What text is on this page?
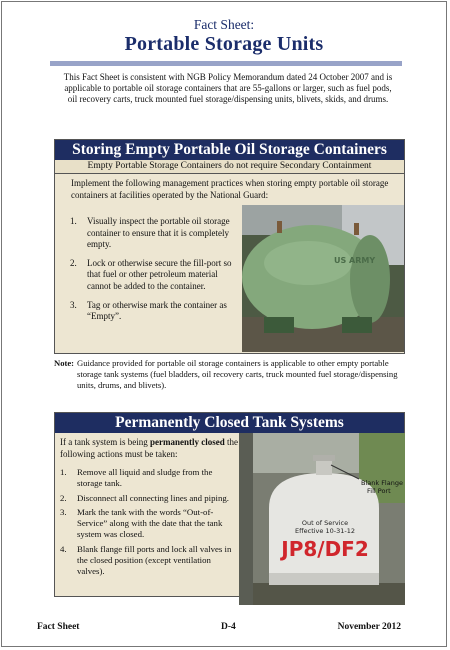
Fact Sheet:
Portable Storage Units
This Fact Sheet is consistent with NGB Policy Memorandum dated 24 October 2007 and is applicable to portable oil storage containers that are 55-gallons or larger, such as fuel pods, oil recovery carts, truck mounted fuel storage/dispensing units, blivets, skids, and drums.
Storing Empty Portable Oil Storage Containers
Empty Portable Storage Containers do not require Secondary Containment
Implement the following management practices when storing empty portable oil storage containers at facilities operated by the National Guard:
1. Visually inspect the portable oil storage container to ensure that it is completely empty.
2. Lock or otherwise secure the fill-port so that fuel or other petroleum material cannot be added to the container.
3. Tag or otherwise mark the container as “Empty”.
US ARMY
Note: Guidance provided for portable oil storage containers is applicable to other empty portable storage tank systems (fuel bladders, oil recovery carts, truck mounted fuel storage/dispensing units, drums, and blivets).
Permanently Closed Tank Systems
If a tank system is being permanently closed the following actions must be taken:
1. Remove all liquid and sludge from the storage tank.
2. Disconnect all connecting lines and piping.
3. Mark the tank with the words “Out-of-Service” along with the date that the tank system was closed.
4. Blank flange fill ports and lock all valves in the closed position (except ventilation valves).
Blank Flange
Fill Port
Out of Service
Effective 10-31-12
JP8/DF2
Fact Sheet	D-4	November 2012
